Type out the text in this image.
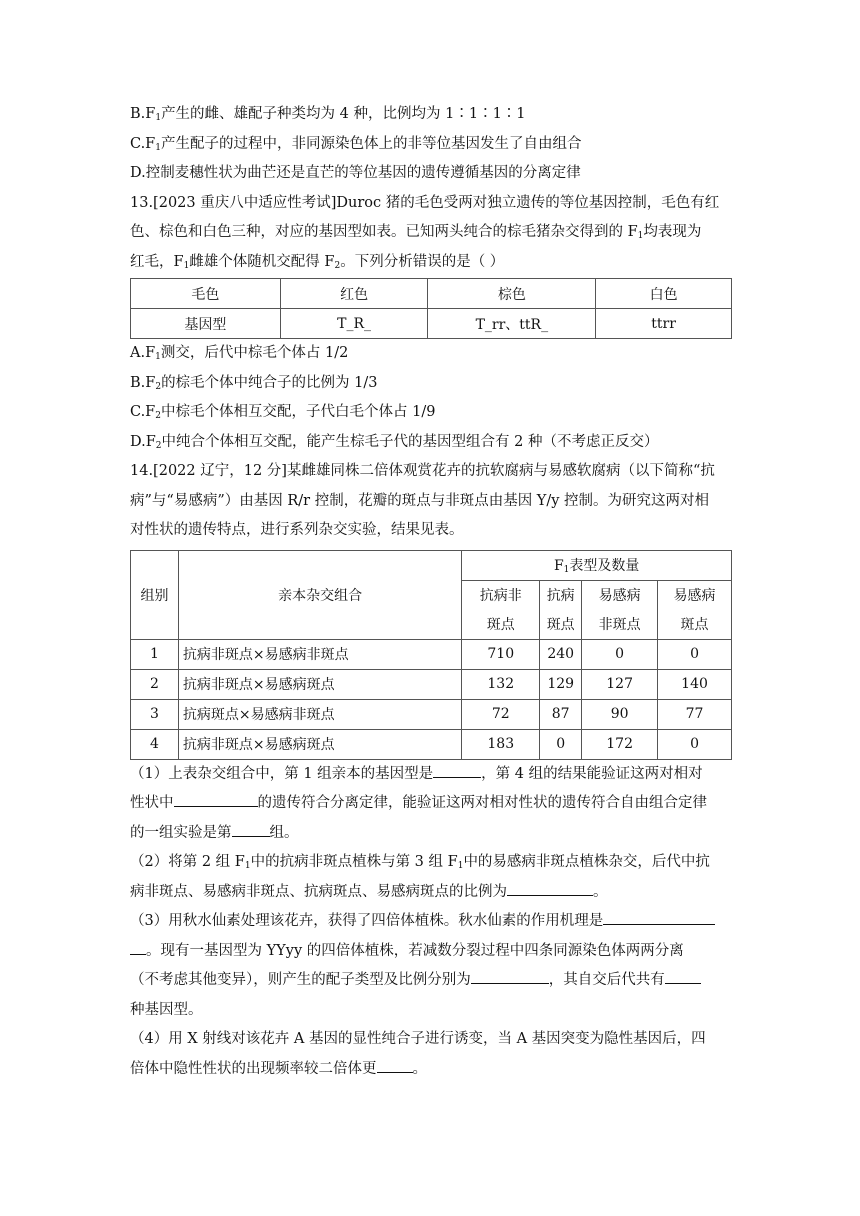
$B.F_1$产生的雌、雄配子种类均为 4 种，比例均为 1∶1∶1∶1
$C.F_1$产生配子的过程中，非同源染色体上的非等位基因发生了自由组合
D.控制麦穗性状为曲芒还是直芒的等位基因的遗传遵循基因的分离定律
13.[2023 重庆八中适应性考试]Duroc 猪的毛色受两对独立遗传的等位基因控制，毛色有红
色、棕色和白色三种，对应的基因型如表。已知两头纯合的棕毛猪杂交得到的 $F_1$均表现为
红毛，$F_1$雌雄个体随机交配得 $F_2$。下列分析错误的是（ ）
毛色	红色	棕色	白色
基因型	T_R_	T_rr、ttR_	ttrr
$A.F_1$测交，后代中棕毛个体占 1/2
$B.F_2$的棕毛个体中纯合子的比例为 1/3
$C.F_2$中棕毛个体相互交配，子代白毛个体占 1/9
$D.F_2$中纯合个体相互交配，能产生棕毛子代的基因型组合有 2 种（不考虑正反交）
14.[2022 辽宁，12 分]某雌雄同株二倍体观赏花卉的抗软腐病与易感软腐病（以下简称“抗
病”与“易感病”）由基因 R/r 控制，花瓣的斑点与非斑点由基因 Y/y 控制。为研究这两对相
对性状的遗传特点，进行系列杂交实验，结果见表。
组别	亲本杂交组合	$F_1$表型及数量			
		抗病非	抗病	易感病	易感病
		斑点	斑点	非斑点	斑点
1	抗病非斑点×易感病非斑点	710	240	0	0
2	抗病非斑点×易感病斑点	132	129	127	140
3	抗病斑点×易感病非斑点	72	87	90	77
4	抗病非斑点×易感病斑点	183	0	172	0
（1）上表杂交组合中，第 1 组亲本的基因型是	，第 4 组的结果能验证这两对相对
性状中	的遗传符合分离定律，能验证这两对相对性状的遗传符合自由组合定律
的一组实验是第	组。
（2）将第 2 组 $F_1$中的抗病非斑点植株与第 3 组 $F_1$中的易感病非斑点植株杂交，后代中抗
病非斑点、易感病非斑点、抗病斑点、易感病斑点的比例为	。
（3）用秋水仙素处理该花卉，获得了四倍体植株。秋水仙素的作用机理是
。现有一基因型为 YYyy 的四倍体植株，若减数分裂过程中四条同源染色体两两分离
（不考虑其他变异），则产生的配子类型及比例分别为	，其自交后代共有
种基因型。
（4）用 X 射线对该花卉 A 基因的显性纯合子进行诱变，当 A 基因突变为隐性基因后，四
倍体中隐性性状的出现频率较二倍体更 。
